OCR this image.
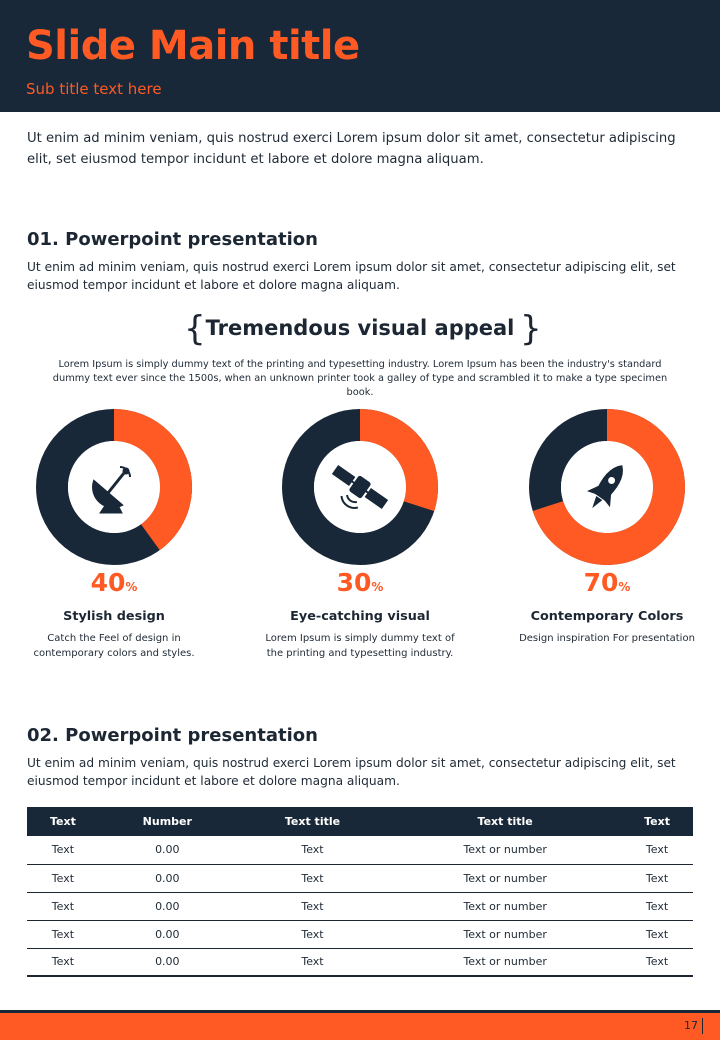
Slide Main title
Sub title text here

Ut enim ad minim veniam, quis nostrud exerci Lorem ipsum dolor sit amet, consectetur adipiscing elit, set eiusmod tempor incidunt et labore et dolore magna aliquam.

01. Powerpoint presentation

Ut enim ad minim veniam, quis nostrud exerci Lorem ipsum dolor sit amet, consectetur adipiscing elit, set eiusmod tempor incidunt et labore et dolore magna aliquam.

{ Tremendous visual appeal }

Lorem Ipsum is simply dummy text of the printing and typesetting industry. Lorem Ipsum has been the industry's standard dummy text ever since the 1500s, when an unknown printer took a galley of type and scrambled it to make a type specimen book.

40%
Stylish design

Catch the Feel of design in contemporary colors and styles.

30%
Eye-catching visual

Lorem Ipsum is simply dummy text of the printing and typesetting industry.

70%
Contemporary Colors

Design inspiration For presentation

02. Powerpoint presentation

Ut enim ad minim veniam, quis nostrud exerci Lorem ipsum dolor sit amet, consectetur adipiscing elit, set eiusmod tempor incidunt et labore et dolore magna aliquam.

Text	Number	Text title	Text title	Text
Text	0.00	Text	Text or number	Text
Text	0.00	Text	Text or number	Text
Text	0.00	Text	Text or number	Text
Text	0.00	Text	Text or number	Text
Text	0.00	Text	Text or number	Text
17
